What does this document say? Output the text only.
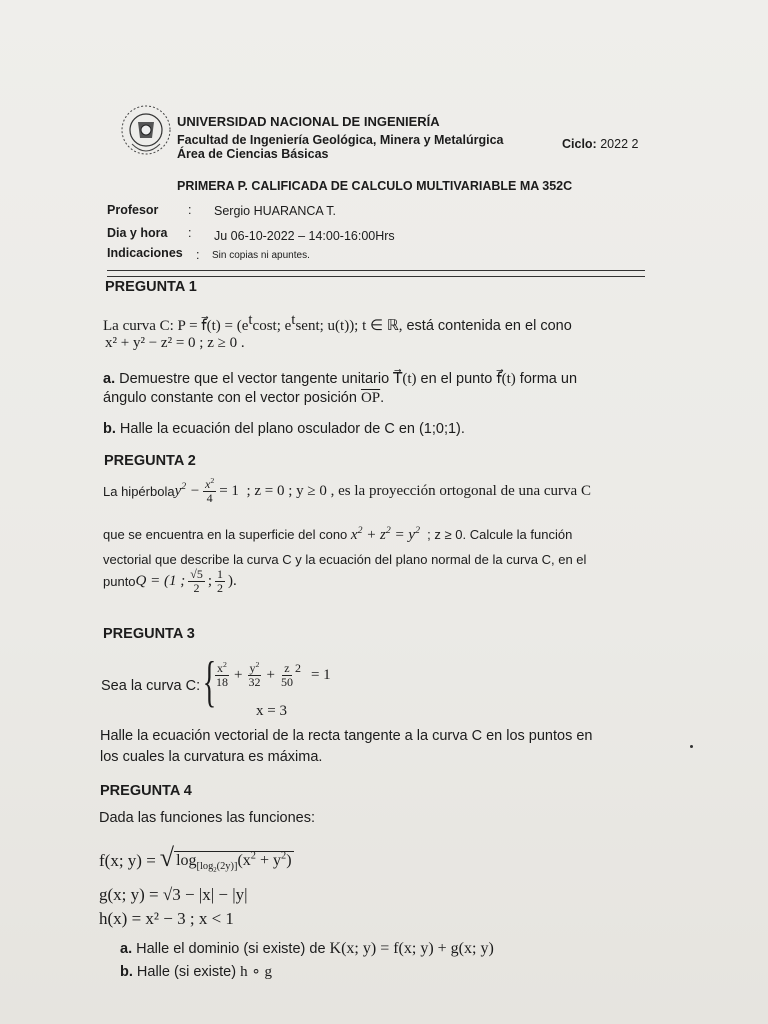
UNIVERSIDAD NACIONAL DE INGENIERÍA
Facultad de Ingeniería Geológica, Minera y Metalúrgica
Área de Ciencias Básicas
Ciclo: 2022 2
PRIMERA P. CALIFICADA DE CALCULO MULTIVARIABLE MA 352C
Profesor : Sergio HUARANCA T.
Dia y hora : Ju 06-10-2022 – 14:00-16:00Hrs
Indicaciones : Sin copias ni apuntes.
PREGUNTA 1
La curva C: P = f⃗(t) = ($e^t\cos t$; $e^tsent$; u(t)); t ∈ ℝ, está contenida en el cono
x² + y² − z² = 0 ; z ≥ 0 .
a. Demuestre que el vector tangente unitario T⃗(t) en el punto f⃗(t) forma un
ángulo constante con el vector posición $\overline{OP}$.
b. Halle la ecuación del plano osculador de C en (1;0;1).
PREGUNTA 2
La hipérbola $y^2 - \frac{x^2}{4} = 1$ ; z = 0 ; y ≥ 0 , es la proyección ortogonal de una curva C
que se encuentra en la superficie del cono $x^2 + z^2 = y^2$ ; z ≥ 0. Calcule la función
vectorial que describe la curva C y la ecuación del plano normal de la curva C, en el
punto Q = (1 ; $\frac{√5}{2}$ ; $\frac{1}{2}$ ).
PREGUNTA 3
Sea la curva C: {
$\frac{x^2}{18} + \frac{y^2}{32} + \frac{z}{50}^2 = 1$
x = 3
Halle la ecuación vectorial de la recta tangente a la curva C en los puntos en
los cuales la curvatura es máxima.
PREGUNTA 4
Dada las funciones las funciones:
f(x; y) = √ $\log_{[log_2(2y)]}(x^2 + y^2)$
g(x; y) = √3 − |x| − |y|
h(x) = x² − 3 ; x < 1
a. Halle el dominio (si existe) de K(x; y) = f(x; y) + g(x; y)
b. Halle (si existe) h ∘ g
